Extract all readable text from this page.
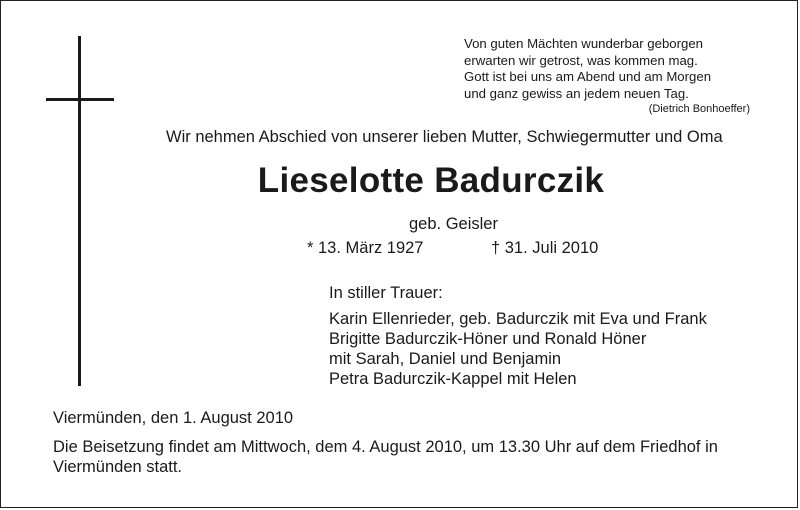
Von guten Mächten wunderbar geborgen
erwarten wir getrost, was kommen mag.
Gott ist bei uns am Abend und am Morgen
und ganz gewiss an jedem neuen Tag.
(Dietrich Bonhoeffer)
Wir nehmen Abschied von unserer lieben Mutter, Schwiegermutter und Oma
Lieselotte Badurczik
geb. Geisler
* 13. März 1927	† 31. Juli 2010
In stiller Trauer:
Karin Ellenrieder, geb. Badurczik mit Eva und Frank
Brigitte Badurczik-Höner und Ronald Höner
mit Sarah, Daniel und Benjamin
Petra Badurczik-Kappel mit Helen
Viermünden, den 1. August 2010
Die Beisetzung findet am Mittwoch, dem 4. August 2010, um 13.30 Uhr auf dem Friedhof in Viermünden statt.
